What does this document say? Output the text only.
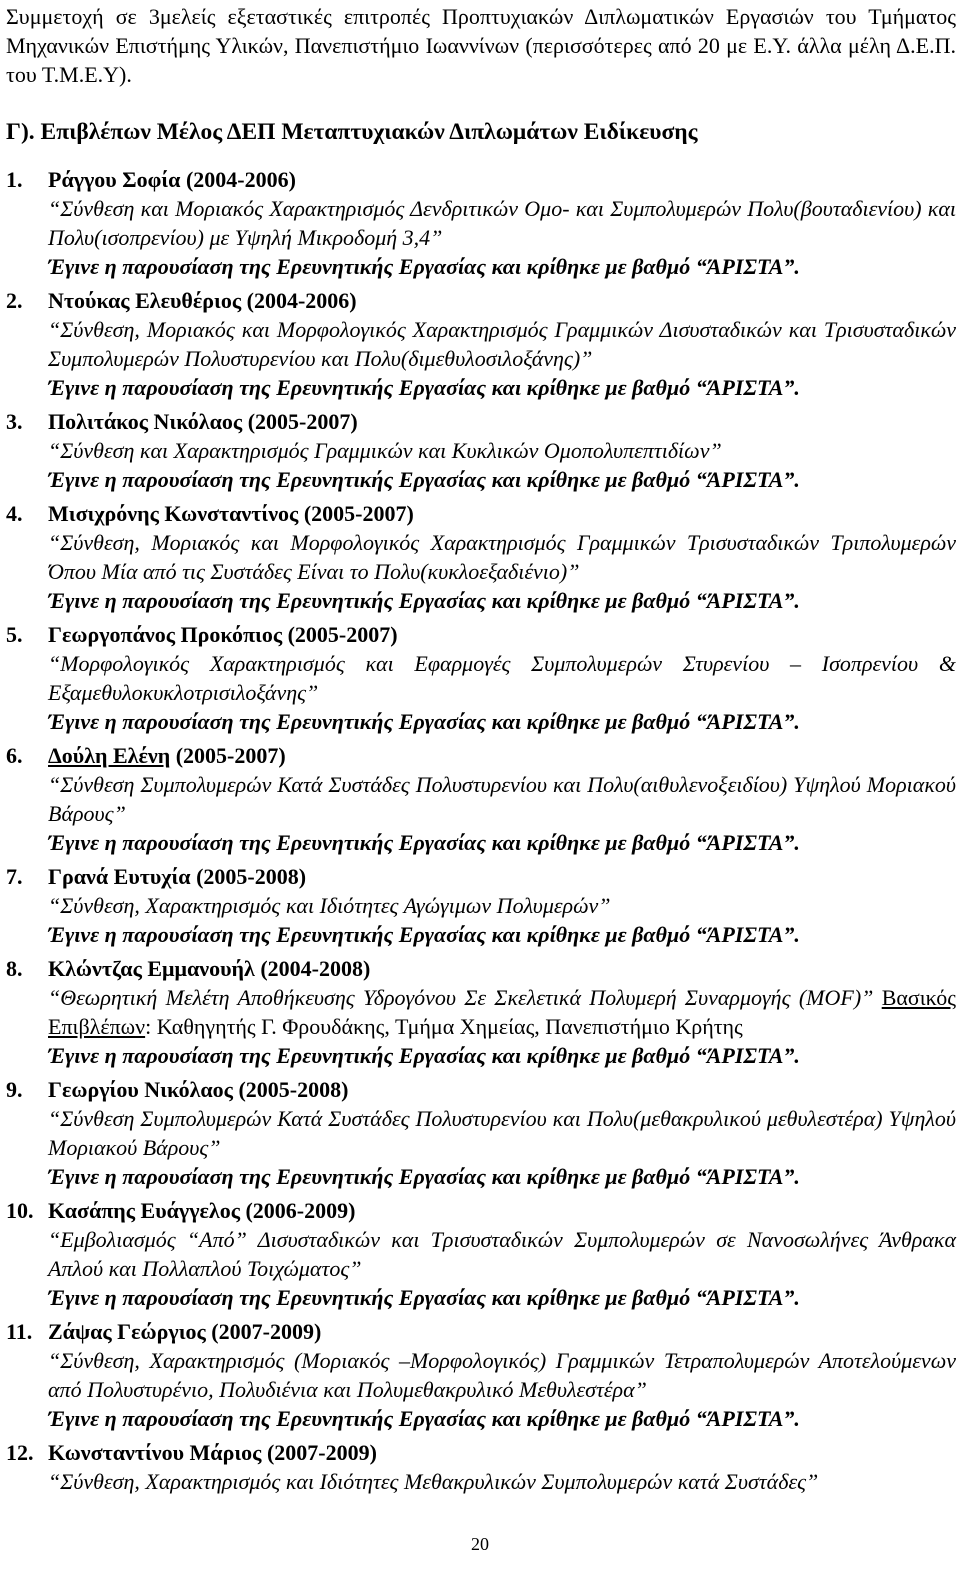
Συμμετοχή σε 3μελείς εξεταστικές επιτροπές Προπτυχιακών Διπλωματικών Εργασιών του Τμήματος Μηχανικών Επιστήμης Υλικών, Πανεπιστήμιο Ιωαννίνων (περισσότερες από 20 με Ε.Υ. άλλα μέλη Δ.Ε.Π. του Τ.Μ.Ε.Υ).

Γ). Επιβλέπων Μέλος ΔΕΠ Μεταπτυχιακών Διπλωμάτων Ειδίκευσης
1. Ράγγου Σοφία (2004-2006)
“Σύνθεση και Μοριακός Χαρακτηρισμός Δενδριτικών Ομο- και Συμπολυμερών Πολυ(βουταδιενίου) και Πολυ(ισοπρενίου) με Υψηλή Μικροδομή 3,4”
Έγινε η παρουσίαση της Ερευνητικής Εργασίας και κρίθηκε με βαθμό “ΆΡΙΣΤΑ”.
2. Ντούκας Ελευθέριος (2004-2006)
“Σύνθεση, Μοριακός και Μορφολογικός Χαρακτηρισμός Γραμμικών Δισυσταδικών και Τρισυσταδικών Συμπολυμερών Πολυστυρενίου και Πολυ(διμεθυλοσιλοξάνης)”
Έγινε η παρουσίαση της Ερευνητικής Εργασίας και κρίθηκε με βαθμό “ΆΡΙΣΤΑ”.
3. Πολιτάκος Νικόλαος (2005-2007)
“Σύνθεση και Χαρακτηρισμός Γραμμικών και Κυκλικών Ομοπολυπεπτιδίων”
Έγινε η παρουσίαση της Ερευνητικής Εργασίας και κρίθηκε με βαθμό “ΆΡΙΣΤΑ”.
4. Μισιχρόνης Κωνσταντίνος (2005-2007)
“Σύνθεση, Μοριακός και Μορφολογικός Χαρακτηρισμός Γραμμικών Τρισυσταδικών Τριπολυμερών Όπου Μία από τις Συστάδες Είναι το Πολυ(κυκλοεξαδιένιο)”
Έγινε η παρουσίαση της Ερευνητικής Εργασίας και κρίθηκε με βαθμό “ΆΡΙΣΤΑ”.
5. Γεωργοπάνος Προκόπιος (2005-2007)
“Μορφολογικός Χαρακτηρισμός και Εφαρμογές Συμπολυμερών Στυρενίου – Ισοπρενίου & Εξαμεθυλοκυκλοτρισιλοξάνης”
Έγινε η παρουσίαση της Ερευνητικής Εργασίας και κρίθηκε με βαθμό “ΆΡΙΣΤΑ”.
6. Δούλη Ελένη (2005-2007)
“Σύνθεση Συμπολυμερών Κατά Συστάδες Πολυστυρενίου και Πολυ(αιθυλενοξειδίου) Υψηλού Μοριακού Βάρους”
Έγινε η παρουσίαση της Ερευνητικής Εργασίας και κρίθηκε με βαθμό “ΆΡΙΣΤΑ”.
7. Γρανά Ευτυχία (2005-2008)
“Σύνθεση, Χαρακτηρισμός και Ιδιότητες Αγώγιμων Πολυμερών”
Έγινε η παρουσίαση της Ερευνητικής Εργασίας και κρίθηκε με βαθμό “ΆΡΙΣΤΑ”.
8. Κλώντζας Εμμανουήλ (2004-2008)
“Θεωρητική Μελέτη Αποθήκευσης Υδρογόνου Σε Σκελετικά Πολυμερή Συναρμογής (MOF)” Βασικός Επιβλέπων: Καθηγητής Γ. Φρουδάκης, Τμήμα Χημείας, Πανεπιστήμιο Κρήτης
Έγινε η παρουσίαση της Ερευνητικής Εργασίας και κρίθηκε με βαθμό “ΆΡΙΣΤΑ”.
9. Γεωργίου Νικόλαος (2005-2008)
“Σύνθεση Συμπολυμερών Κατά Συστάδες Πολυστυρενίου και Πολυ(μεθακρυλικού μεθυλεστέρα) Υψηλού Μοριακού Βάρους”
Έγινε η παρουσίαση της Ερευνητικής Εργασίας και κρίθηκε με βαθμό “ΆΡΙΣΤΑ”.
10. Κασάπης Ευάγγελος (2006-2009)
“Εμβολιασμός “Από” Δισυσταδικών και Τρισυσταδικών Συμπολυμερών σε Νανοσωλήνες Άνθρακα Απλού και Πολλαπλού Τοιχώματος”
Έγινε η παρουσίαση της Ερευνητικής Εργασίας και κρίθηκε με βαθμό “ΆΡΙΣΤΑ”.
11. Ζάψας Γεώργιος (2007-2009)
“Σύνθεση, Χαρακτηρισμός (Μοριακός –Μορφολογικός) Γραμμικών Τετραπολυμερών Αποτελούμενων από Πολυστυρένιο, Πολυδιένια και Πολυμεθακρυλικό Μεθυλεστέρα”
Έγινε η παρουσίαση της Ερευνητικής Εργασίας και κρίθηκε με βαθμό “ΆΡΙΣΤΑ”.
12. Κωνσταντίνου Μάριος (2007-2009)
“Σύνθεση, Χαρακτηρισμός και Ιδιότητες Μεθακρυλικών Συμπολυμερών κατά Συστάδες”
20
